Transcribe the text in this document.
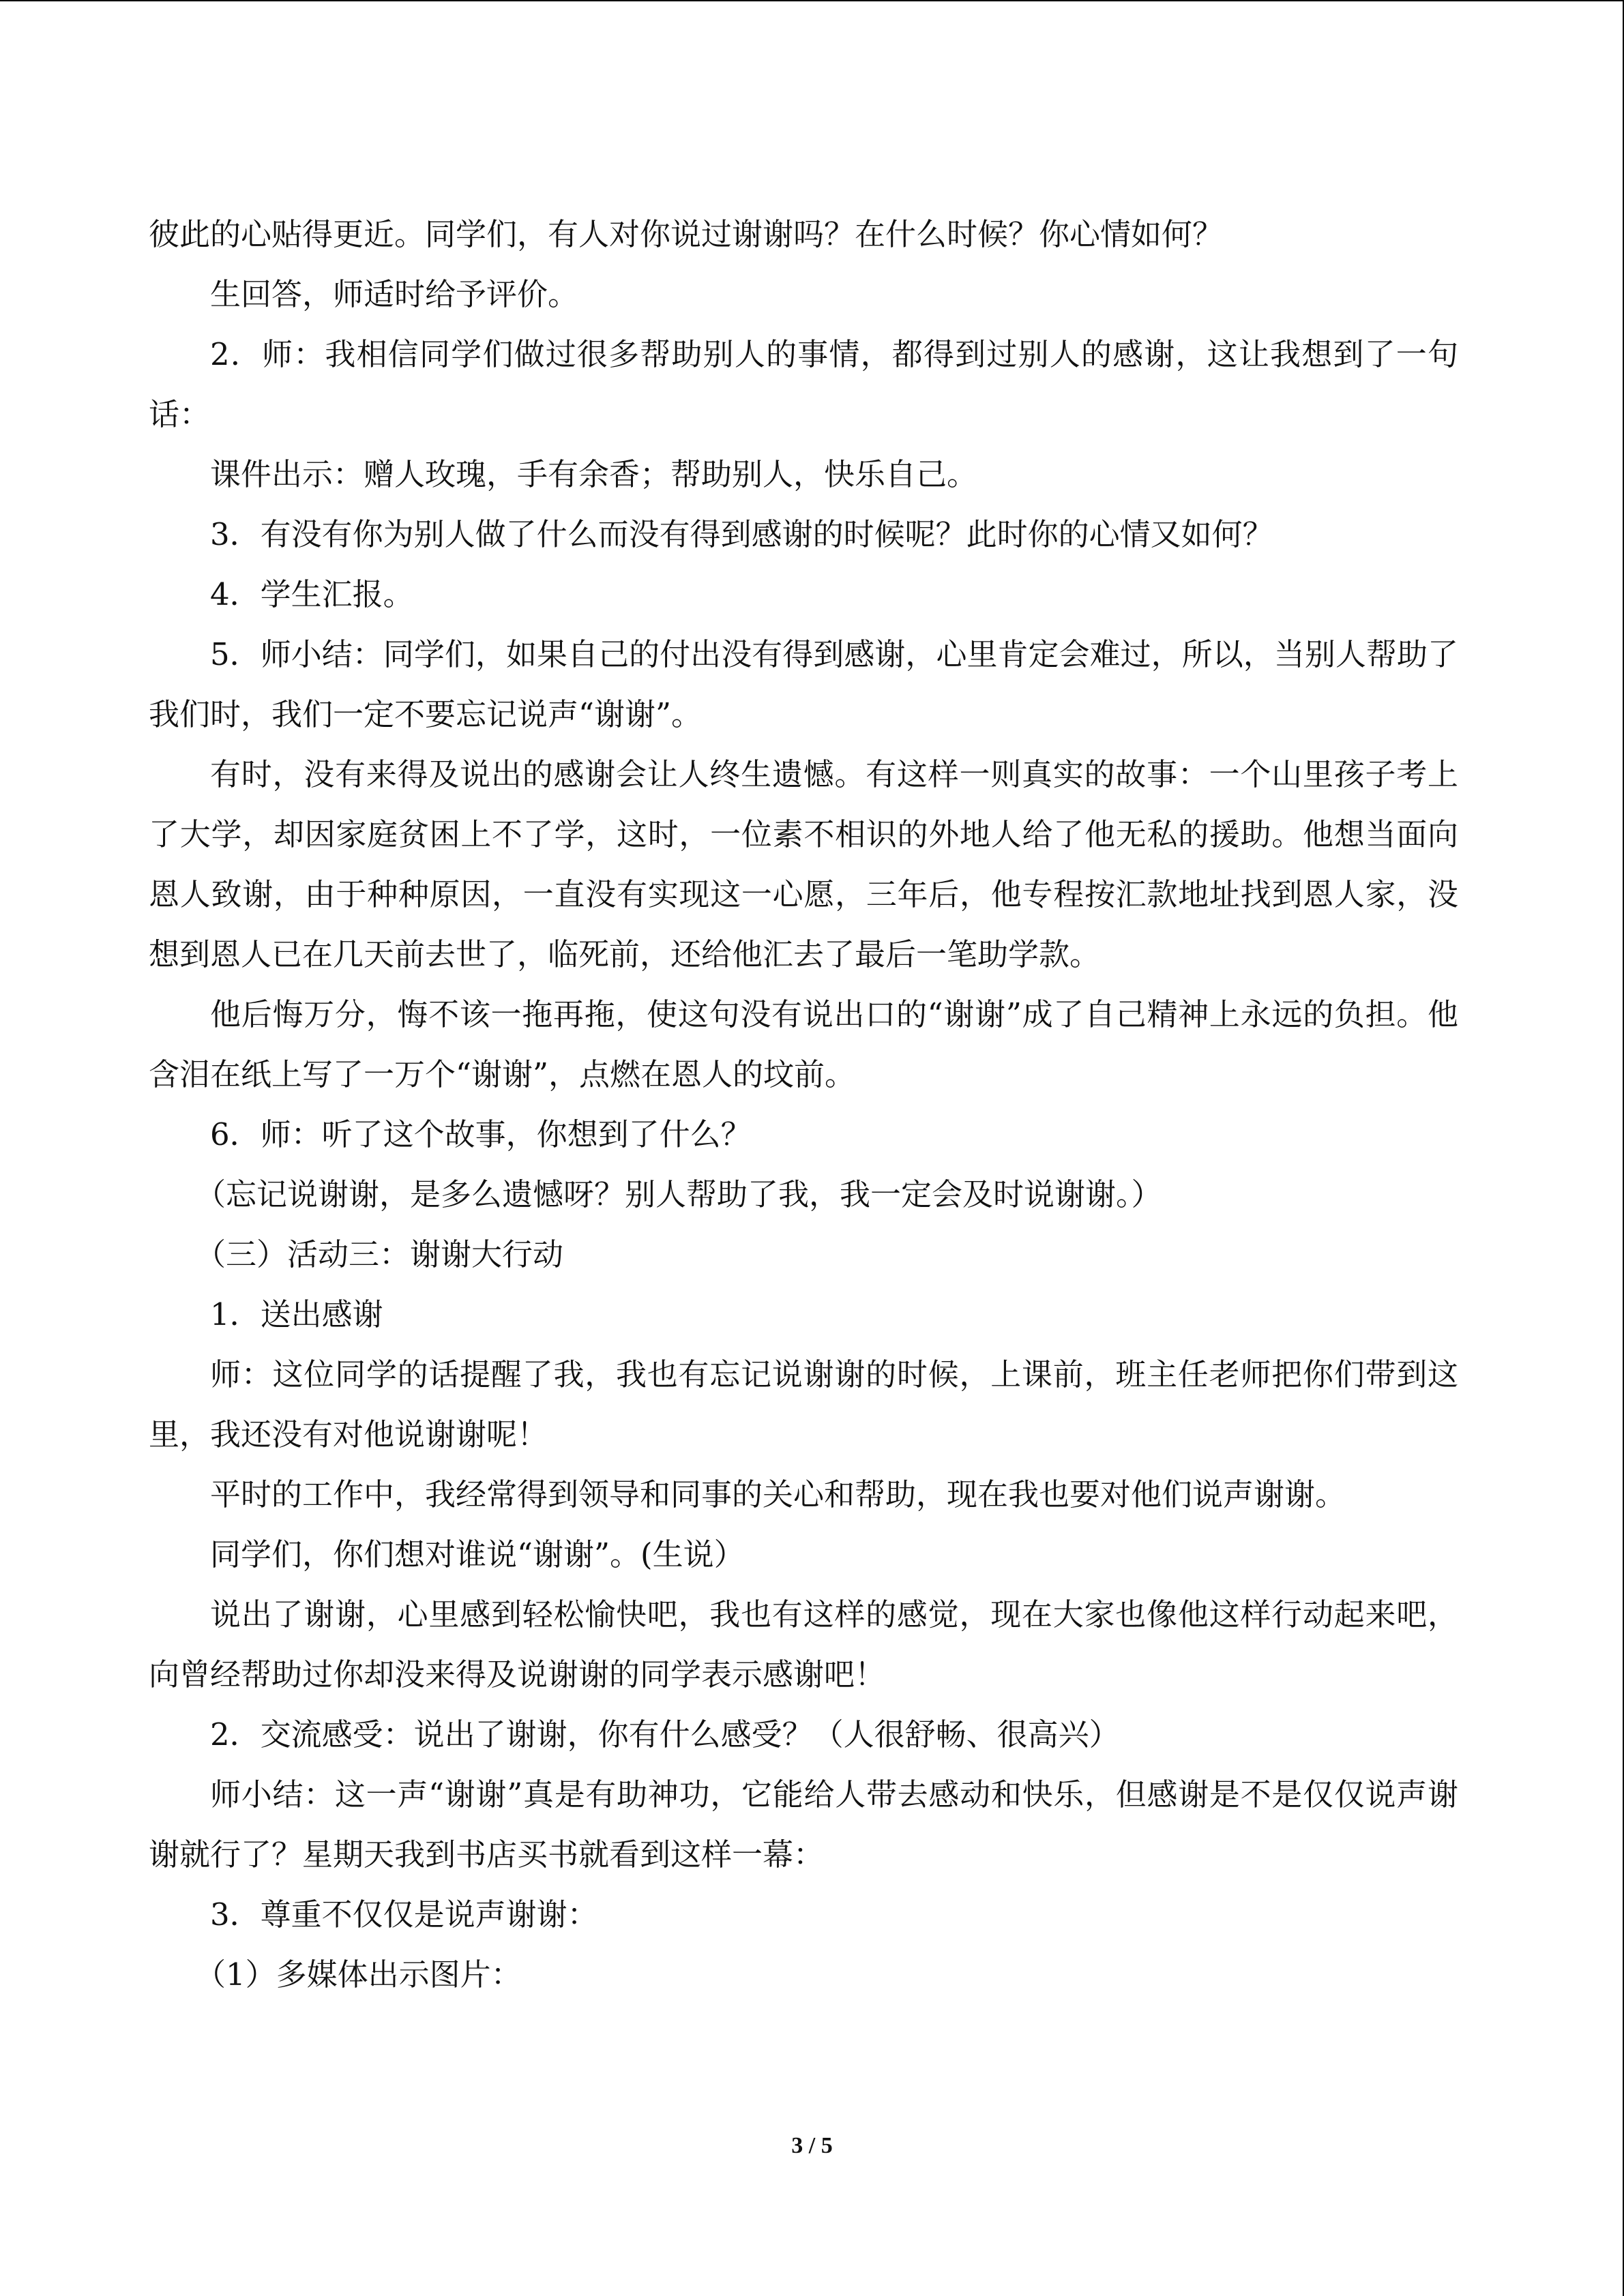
彼此的心贴得更近。同学们，有人对你说过谢谢吗？在什么时候？你心情如何？

生回答，师适时给予评价。

2．师：我相信同学们做过很多帮助别人的事情，都得到过别人的感谢，这让我想到了一句话：

课件出示：赠人玫瑰，手有余香；帮助别人，快乐自己。

3．有没有你为别人做了什么而没有得到感谢的时候呢？此时你的心情又如何？

4．学生汇报。

5．师小结：同学们，如果自己的付出没有得到感谢，心里肯定会难过，所以，当别人帮助了我们时，我们一定不要忘记说声“谢谢”。

有时，没有来得及说出的感谢会让人终生遗憾。有这样一则真实的故事：一个山里孩子考上了大学，却因家庭贫困上不了学，这时，一位素不相识的外地人给了他无私的援助。他想当面向恩人致谢，由于种种原因，一直没有实现这一心愿，三年后，他专程按汇款地址找到恩人家，没想到恩人已在几天前去世了，临死前，还给他汇去了最后一笔助学款。

他后悔万分，悔不该一拖再拖，使这句没有说出口的“谢谢”成了自己精神上永远的负担。他含泪在纸上写了一万个“谢谢”，点燃在恩人的坟前。

6．师：听了这个故事，你想到了什么？

（忘记说谢谢，是多么遗憾呀？别人帮助了我，我一定会及时说谢谢。）

（三）活动三：谢谢大行动

1．送出感谢

师：这位同学的话提醒了我，我也有忘记说谢谢的时候，上课前，班主任老师把你们带到这里，我还没有对他说谢谢呢！

平时的工作中，我经常得到领导和同事的关心和帮助，现在我也要对他们说声谢谢。

同学们，你们想对谁说“谢谢”。(生说）

说出了谢谢，心里感到轻松愉快吧，我也有这样的感觉，现在大家也像他这样行动起来吧，向曾经帮助过你却没来得及说谢谢的同学表示感谢吧！

2．交流感受：说出了谢谢，你有什么感受？（人很舒畅、很高兴）

师小结：这一声“谢谢”真是有助神功，它能给人带去感动和快乐，但感谢是不是仅仅说声谢谢就行了？星期天我到书店买书就看到这样一幕：

3．尊重不仅仅是说声谢谢：

（1）多媒体出示图片：

3 / 5
